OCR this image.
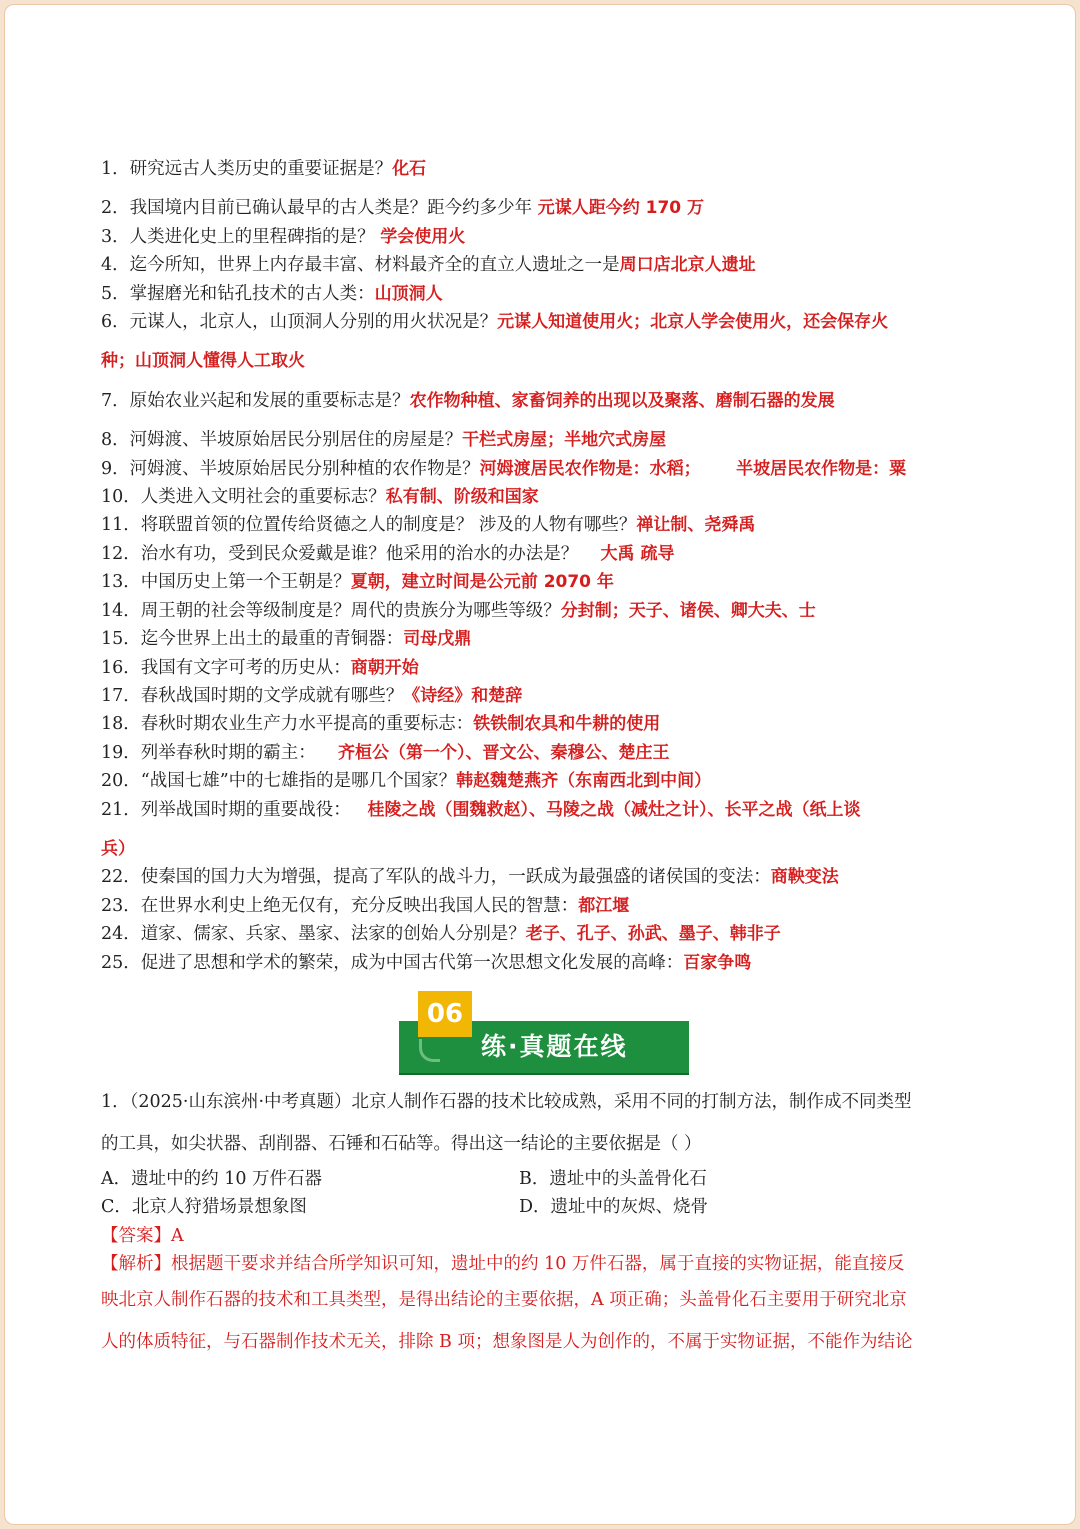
1．研究远古人类历史的重要证据是？化石
2．我国境内目前已确认最早的古人类是？距今约多少年 元谋人距今约 170 万
3．人类进化史上的里程碑指的是？ 学会使用火
4．迄今所知，世界上内存最丰富、材料最齐全的直立人遗址之一是周口店北京人遗址
5．掌握磨光和钻孔技术的古人类：山顶洞人
6．元谋人，北京人，山顶洞人分别的用火状况是？元谋人知道使用火；北京人学会使用火，还会保存火
种；山顶洞人懂得人工取火
7．原始农业兴起和发展的重要标志是？农作物种植、家畜饲养的出现以及聚落、磨制石器的发展
8．河姆渡、半坡原始居民分别居住的房屋是？干栏式房屋；半地穴式房屋
9．河姆渡、半坡原始居民分别种植的农作物是？河姆渡居民农作物是：水稻；      半坡居民农作物是：粟
10．人类进入文明社会的重要标志？私有制、阶级和国家
11．将联盟首领的位置传给贤德之人的制度是？ 涉及的人物有哪些？禅让制、尧舜禹
12．治水有功，受到民众爱戴是谁？他采用的治水的办法是？    大禹 疏导
13．中国历史上第一个王朝是？夏朝，建立时间是公元前 2070 年
14．周王朝的社会等级制度是？周代的贵族分为哪些等级？分封制；天子、诸侯、卿大夫、士
15．迄今世界上出土的最重的青铜器：司母戊鼎
16．我国有文字可考的历史从：商朝开始
17．春秋战国时期的文学成就有哪些？《诗经》和楚辞
18．春秋时期农业生产力水平提高的重要标志：铁铁制农具和牛耕的使用
19．列举春秋时期的霸主：    齐桓公（第一个）、晋文公、秦穆公、楚庄王
20．“战国七雄”中的七雄指的是哪几个国家？韩赵魏楚燕齐（东南西北到中间）
21．列举战国时期的重要战役：   桂陵之战（围魏救赵）、马陵之战（减灶之计）、长平之战（纸上谈
兵）
22．使秦国的国力大为增强，提高了军队的战斗力，一跃成为最强盛的诸侯国的变法：商鞅变法
23．在世界水利史上绝无仅有，充分反映出我国人民的智慧：都江堰
24．道家、儒家、兵家、墨家、法家的创始人分别是？老子、孔子、孙武、墨子、韩非子
25．促进了思想和学术的繁荣，成为中国古代第一次思想文化发展的高峰：百家争鸣
06
练·真题在线
1．（2025·山东滨州·中考真题）北京人制作石器的技术比较成熟，采用不同的打制方法，制作成不同类型
的工具，如尖状器、刮削器、石锤和石砧等。得出这一结论的主要依据是（ ）
A．遗址中的约 10 万件石器	B．遗址中的头盖骨化石
C．北京人狩猎场景想象图	D．遗址中的灰烬、烧骨
【答案】A
【解析】根据题干要求并结合所学知识可知，遗址中的约 10 万件石器，属于直接的实物证据，能直接反
映北京人制作石器的技术和工具类型，是得出结论的主要依据，A 项正确；头盖骨化石主要用于研究北京
人的体质特征，与石器制作技术无关，排除 B 项；想象图是人为创作的，不属于实物证据，不能作为结论
